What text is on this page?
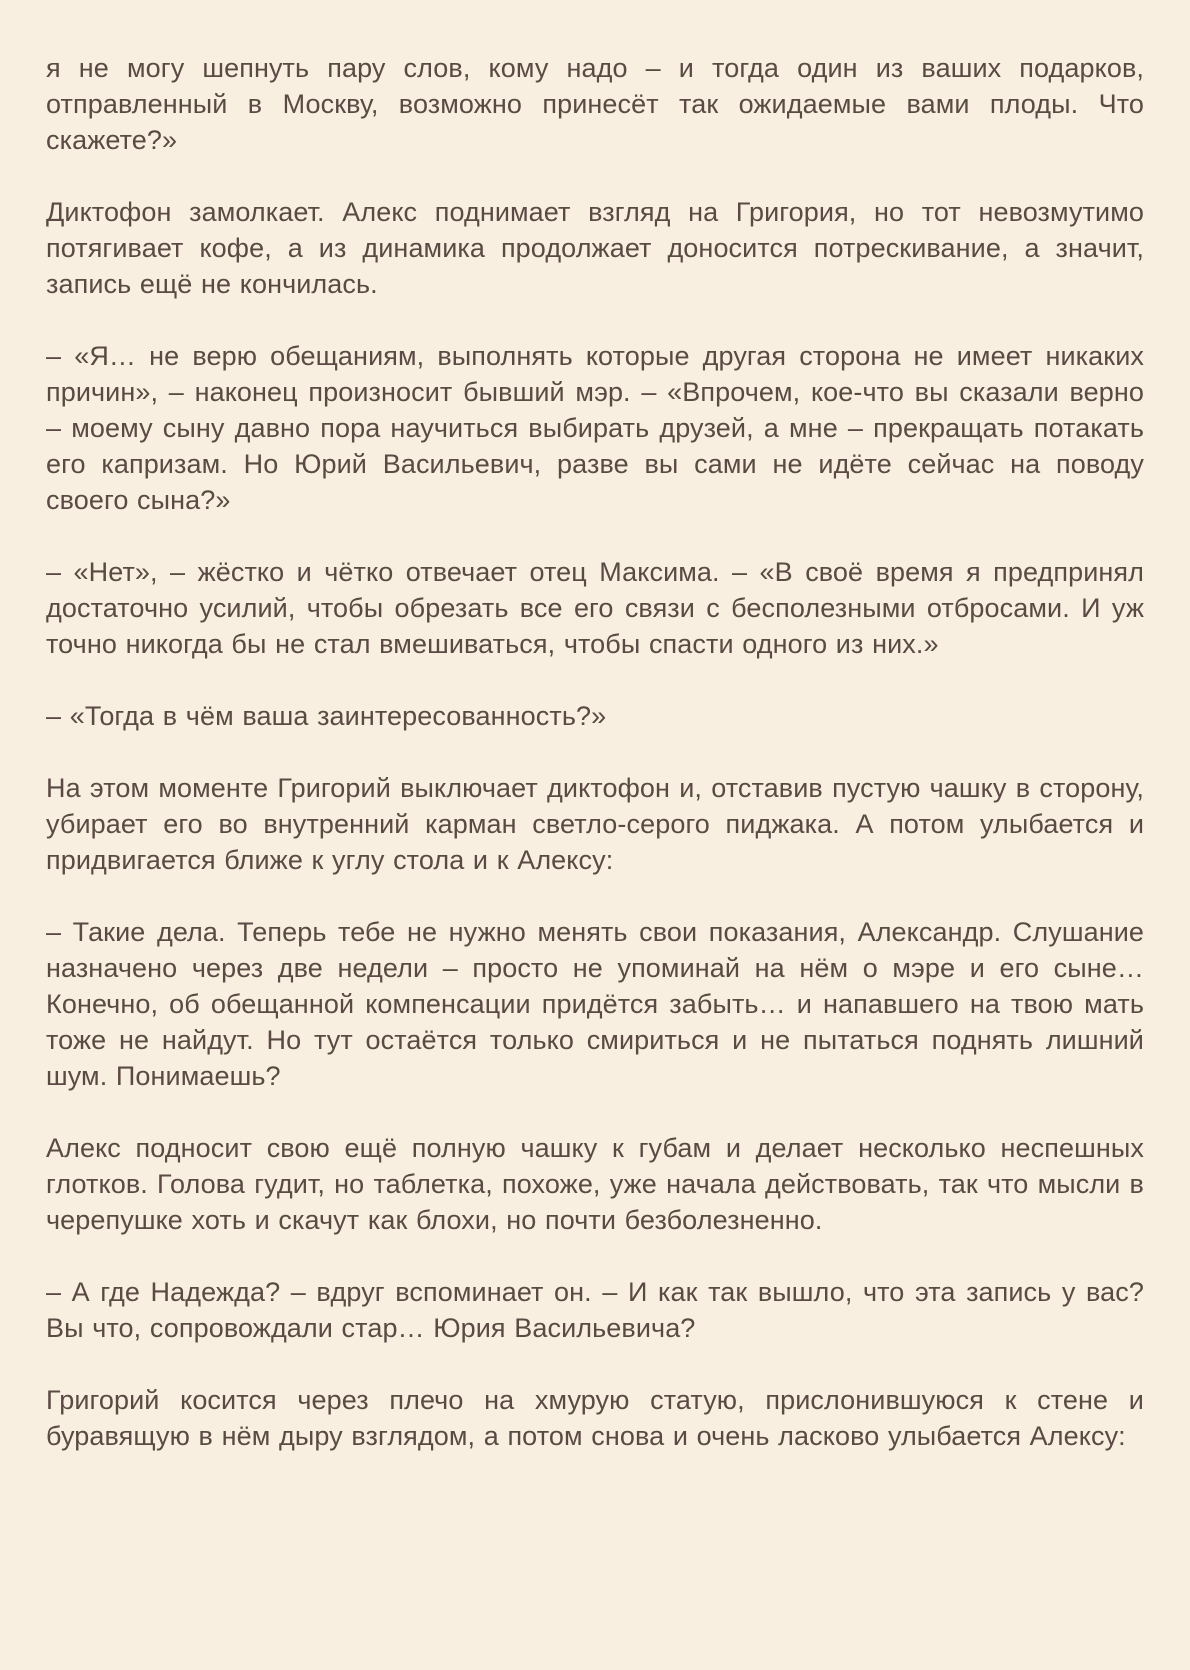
я не могу шепнуть пару слов, кому надо – и тогда один из ваших подарков, отправленный в Москву, возможно принесёт так ожидаемые вами плоды. Что скажете?»

Диктофон замолкает. Алекс поднимает взгляд на Григория, но тот невозмутимо потягивает кофе, а из динамика продолжает доносится потрескивание, а значит, запись ещё не кончилась.

– «Я… не верю обещаниям, выполнять которые другая сторона не имеет никаких причин», – наконец произносит бывший мэр. – «Впрочем, кое-что вы сказали верно – моему сыну давно пора научиться выбирать друзей, а мне – прекращать потакать его капризам. Но Юрий Васильевич, разве вы сами не идёте сейчас на поводу своего сына?»

– «Нет», – жёстко и чётко отвечает отец Максима. – «В своё время я предпринял достаточно усилий, чтобы обрезать все его связи с бесполезными отбросами. И уж точно никогда бы не стал вмешиваться, чтобы спасти одного из них.»

– «Тогда в чём ваша заинтересованность?»

На этом моменте Григорий выключает диктофон и, отставив пустую чашку в сторону, убирает его во внутренний карман светло-серого пиджака. А потом улыбается и придвигается ближе к углу стола и к Алексу:

– Такие дела. Теперь тебе не нужно менять свои показания, Александр. Слушание назначено через две недели – просто не упоминай на нём о мэре и его сыне… Конечно, об обещанной компенсации придётся забыть… и напавшего на твою мать тоже не найдут. Но тут остаётся только смириться и не пытаться поднять лишний шум. Понимаешь?

Алекс подносит свою ещё полную чашку к губам и делает несколько неспешных глотков. Голова гудит, но таблетка, похоже, уже начала действовать, так что мысли в черепушке хоть и скачут как блохи, но почти безболезненно.

– А где Надежда? – вдруг вспоминает он. – И как так вышло, что эта запись у вас? Вы что, сопровождали стар… Юрия Васильевича?

Григорий косится через плечо на хмурую статую, прислонившуюся к стене и буравящую в нём дыру взглядом, а потом снова и очень ласково улыбается Алексу:
